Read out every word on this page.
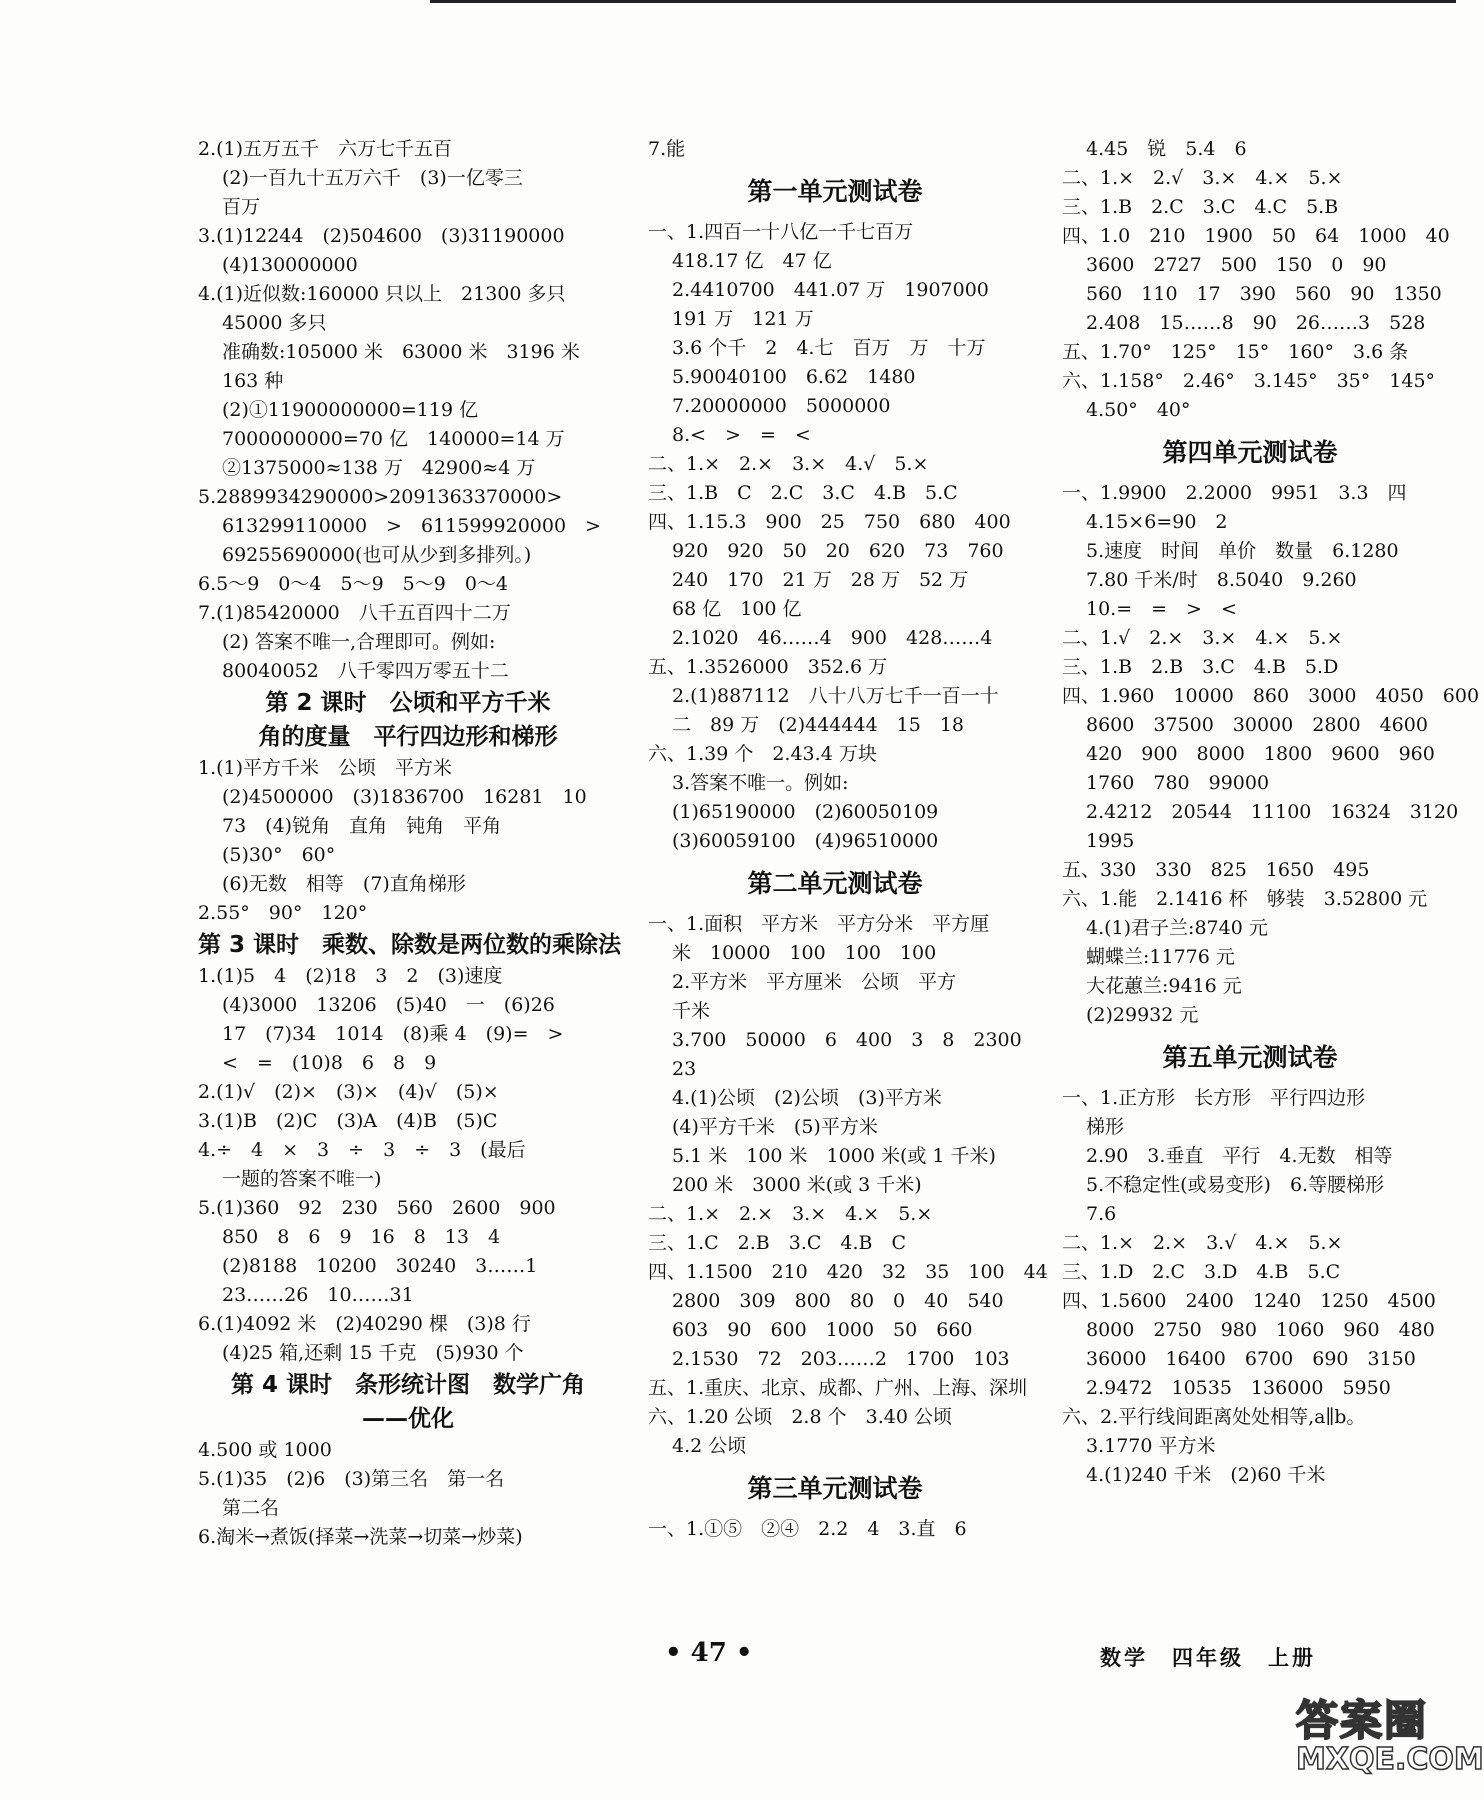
2.(1)五万五千　六万七千五百
(2)一百九十五万六千　(3)一亿零三
百万
3.(1)12244　(2)504600　(3)31190000
(4)130000000
4.(1)近似数:160000 只以上　21300 多只
45000 多只
准确数:105000 米　63000 米　3196 米
163 种
(2)①11900000000=119 亿
7000000000=70 亿　140000=14 万
②1375000≈138 万　42900≈4 万
5.2889934290000>2091363370000>
613299110000　>　611599920000　>
69255690000(也可从少到多排列。)
6.5～9　0～4　5～9　5～9　0～4
7.(1)85420000　八千五百四十二万
(2) 答案不唯一,合理即可。例如:
80040052　八千零四万零五十二
第 2 课时　公顷和平方千米
角的度量　平行四边形和梯形
1.(1)平方千米　公顷　平方米
(2)4500000　(3)1836700　16281　10
73　(4)锐角　直角　钝角　平角
(5)30°　60°
(6)无数　相等　(7)直角梯形
2.55°　90°　120°
第 3 课时　乘数、除数是两位数的乘除法
1.(1)5　4　(2)18　3　2　(3)速度
(4)3000　13206　(5)40　一　(6)26
17　(7)34　1014　(8)乘 4　(9)=　>
<　=　(10)8　6　8　9
2.(1)√　(2)×　(3)×　(4)√　(5)×
3.(1)B　(2)C　(3)A　(4)B　(5)C
4.÷　4　×　3　÷　3　÷　3　(最后
一题的答案不唯一)
5.(1)360　92　230　560　2600　900
850　8　6　9　16　8　13　4
(2)8188　10200　30240　3……1
23……26　10……31
6.(1)4092 米　(2)40290 棵　(3)8 行
(4)25 箱,还剩 15 千克　(5)930 个
第 4 课时　条形统计图　数学广角
——优化
4.500 或 1000
5.(1)35　(2)6　(3)第三名　第一名
第二名
6.淘米→煮饭(择菜→洗菜→切菜→炒菜)
7.能
第一单元测试卷
一、1.四百一十八亿一千七百万
418.17 亿　47 亿
2.4410700　441.07 万　1907000
191 万　121 万
3.6 个千　2　4.七　百万　万　十万
5.90040100　6.62　1480
7.20000000　5000000
8.<　>　=　<
二、1.×　2.×　3.×　4.√　5.×
三、1.B　C　2.C　3.C　4.B　5.C
四、1.15.3　900　25　750　680　400
920　920　50　20　620　73　760
240　170　21 万　28 万　52 万
68 亿　100 亿
2.1020　46……4　900　428……4
五、1.3526000　352.6 万
2.(1)887112　八十八万七千一百一十
二　89 万　(2)444444　15　18
六、1.39 个　2.43.4 万块
3.答案不唯一。例如:
(1)65190000　(2)60050109
(3)60059100　(4)96510000
第二单元测试卷
一、1.面积　平方米　平方分米　平方厘
米　10000　100　100　100
2.平方米　平方厘米　公顷　平方
千米
3.700　50000　6　400　3　8　2300
23
4.(1)公顷　(2)公顷　(3)平方米
(4)平方千米　(5)平方米
5.1 米　100 米　1000 米(或 1 千米)
200 米　3000 米(或 3 千米)
二、1.×　2.×　3.×　4.×　5.×
三、1.C　2.B　3.C　4.B　C
四、1.1500　210　420　32　35　100　44
2800　309　800　80　0　40　540
603　90　600　1000　50　660
2.1530　72　203……2　1700　103
五、1.重庆、北京、成都、广州、上海、深圳
六、1.20 公顷　2.8 个　3.40 公顷
4.2 公顷
第三单元测试卷
一、1.①⑤　②④　2.2　4　3.直　6
4.45　锐　5.4　6
二、1.×　2.√　3.×　4.×　5.×
三、1.B　2.C　3.C　4.C　5.B
四、1.0　210　1900　50　64　1000　40
3600　2727　500　150　0　90
560　110　17　390　560　90　1350
2.408　15……8　90　26……3　528
五、1.70°　125°　15°　160°　3.6 条
六、1.158°　2.46°　3.145°　35°　145°
4.50°　40°
第四单元测试卷
一、1.9900　2.2000　9951　3.3　四
4.15×6=90　2
5.速度　时间　单价　数量　6.1280
7.80 千米/时　8.5040　9.260
10.=　=　>　<
二、1.√　2.×　3.×　4.×　5.×
三、1.B　2.B　3.C　4.B　5.D
四、1.960　10000　860　3000　4050　600
8600　37500　30000　2800　4600
420　900　8000　1800　9600　960
1760　780　99000
2.4212　20544　11100　16324　3120
1995
五、330　330　825　1650　495
六、1.能　2.1416 杯　够装　3.52800 元
4.(1)君子兰:8740 元
蝴蝶兰:11776 元
大花蕙兰:9416 元
(2)29932 元
第五单元测试卷
一、1.正方形　长方形　平行四边形
梯形
2.90　3.垂直　平行　4.无数　相等
5.不稳定性(或易变形)　6.等腰梯形
7.6
二、1.×　2.×　3.√　4.×　5.×
三、1.D　2.C　3.D　4.B　5.C
四、1.5600　2400　1240　1250　4500
8000　2750　980　1060　960　480
36000　16400　6700　690　3150
2.9472　10535　136000　5950
六、2.平行线间距离处处相等,a∥b。
3.1770 平方米
4.(1)240 千米　(2)60 千米
• 47 •	数学　四年级　上册
答案圈
MXQE.COM
